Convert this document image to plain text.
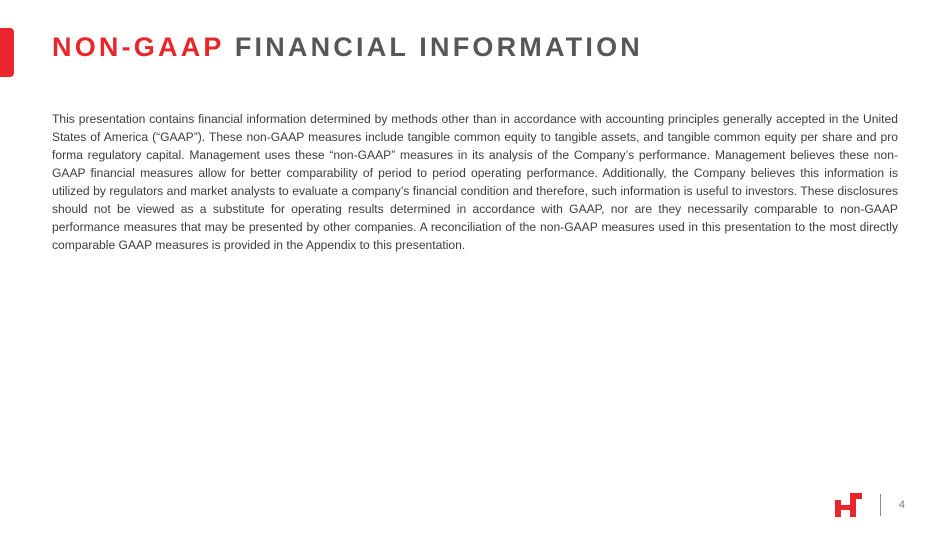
NON-GAAP FINANCIAL INFORMATION

This presentation contains financial information determined by methods other than in accordance with accounting principles generally accepted in the United States of America (“GAAP”). These non-GAAP measures include tangible common equity to tangible assets, and tangible common equity per share and pro forma regulatory capital. Management uses these “non-GAAP” measures in its analysis of the Company’s performance. Management believes these non-GAAP financial measures allow for better comparability of period to period operating performance. Additionally, the Company believes this information is utilized by regulators and market analysts to evaluate a company’s financial condition and therefore, such information is useful to investors. These disclosures should not be viewed as a substitute for operating results determined in accordance with GAAP, nor are they necessarily comparable to non-GAAP performance measures that may be presented by other companies. A reconciliation of the non-GAAP measures used in this presentation to the most directly comparable GAAP measures is provided in the Appendix to this presentation.

4
